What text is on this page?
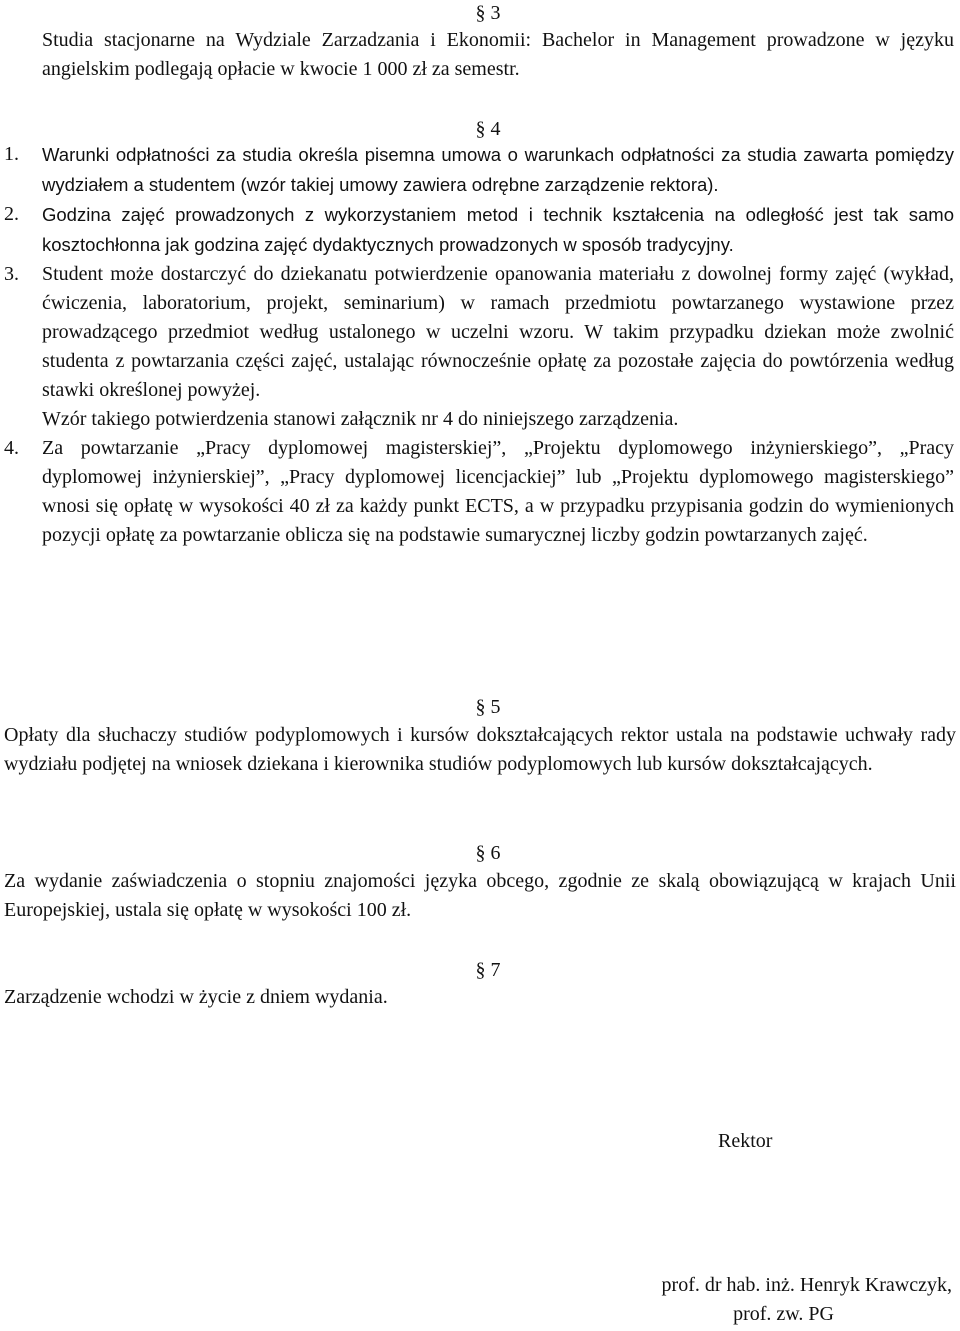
§ 3

Studia stacjonarne na Wydziale Zarzadzania i Ekonomii: Bachelor in Management prowadzone w języku angielskim podlegają opłacie w kwocie 1 000 zł za semestr.

§ 4
1. Warunki odpłatności za studia określa pisemna umowa o warunkach odpłatności za studia zawarta pomiędzy wydziałem a studentem (wzór takiej umowy zawiera odrębne zarządzenie rektora).
2. Godzina zajęć prowadzonych z wykorzystaniem metod i technik kształcenia na odległość jest tak samo kosztochłonna jak godzina zajęć dydaktycznych prowadzonych w sposób tradycyjny.
3. Student może dostarczyć do dziekanatu potwierdzenie opanowania materiału z dowolnej formy zajęć (wykład, ćwiczenia, laboratorium, projekt, seminarium) w ramach przedmiotu powtarzanego wystawione przez prowadzącego przedmiot według ustalonego w uczelni wzoru. W takim przypadku dziekan może zwolnić studenta z powtarzania części zajęć, ustalając równocześnie opłatę za pozostałe zajęcia do powtórzenia według stawki określonej powyżej.
Wzór takiego potwierdzenia stanowi załącznik nr 4 do niniejszego zarządzenia.
4. Za powtarzanie „Pracy dyplomowej magisterskiej”, „Projektu dyplomowego inżynierskiego”, „Pracy dyplomowej inżynierskiej”, „Pracy dyplomowej licencjackiej” lub „Projektu dyplomowego magisterskiego” wnosi się opłatę w wysokości 40 zł za każdy punkt ECTS, a w przypadku przypisania godzin do wymienionych pozycji opłatę za powtarzanie oblicza się na podstawie sumarycznej liczby godzin powtarzanych zajęć.
§ 5

Opłaty dla słuchaczy studiów podyplomowych i kursów dokształcających rektor ustala na podstawie uchwały rady wydziału podjętej na wniosek dziekana i kierownika studiów podyplomowych lub kursów dokształcających.

§ 6

Za wydanie zaświadczenia o stopniu znajomości języka obcego, zgodnie ze skalą obowiązującą w krajach Unii Europejskiej, ustala się opłatę w wysokości 100 zł.

§ 7

Zarządzenie wchodzi w życie z dniem wydania.

Rektor
prof. dr hab. inż. Henryk Krawczyk,
prof. zw. PG
